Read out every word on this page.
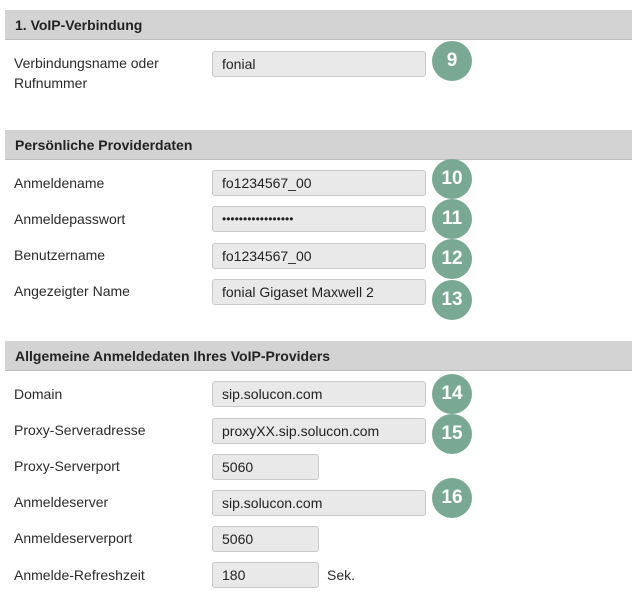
1. VoIP-Verbindung
Verbindungsname oder
Rufnummer
fonial	9
Persönliche Providerdaten
Anmeldename	fo1234567_00	10
Anmeldepasswort	•••••••••••••••••	11
Benutzername	fo1234567_00	12
Angezeigter Name	fonial Gigaset Maxwell 2	13
Allgemeine Anmeldedaten Ihres VoIP-Providers
Domain	sip.solucon.com	14
Proxy-Serveradresse	proxyXX.sip.solucon.com	15
Proxy-Serverport	5060
Anmeldeserver	sip.solucon.com	16
Anmeldeserverport	5060
Anmelde-Refreshzeit	180	Sek.
